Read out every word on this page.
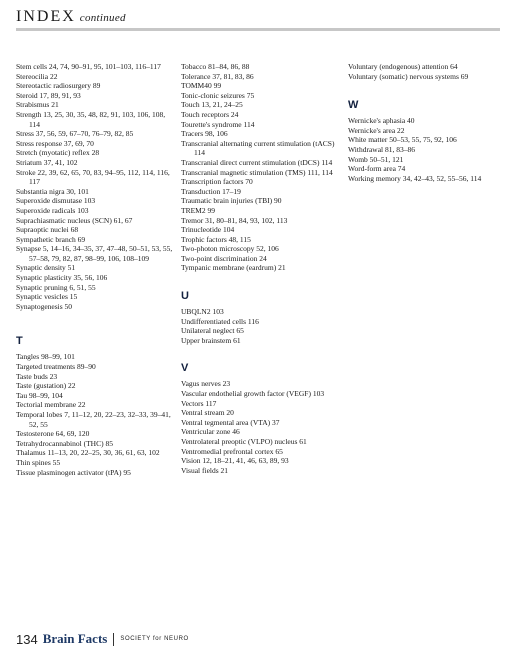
INDEX continued
Stem cells 24, 74, 90–91, 95, 101–103, 116–117
Stereocilia 22
Stereotactic radiosurgery 89
Steroid 17, 89, 91, 93
Strabismus 21
Strength 13, 25, 30, 35, 48, 82, 91, 103, 106, 108, 114
Stress 37, 56, 59, 67–70, 76–79, 82, 85
Stress response 37, 69, 70
Stretch (myotatic) reflex 28
Striatum 37, 41, 102
Stroke 22, 39, 62, 65, 70, 83, 94–95, 112, 114, 116, 117
Substantia nigra 30, 101
Superoxide dismutase 103
Superoxide radicals 103
Suprachiasmatic nucleus (SCN) 61, 67
Supraoptic nuclei 68
Sympathetic branch 69
Synapse 5, 14–16, 34–35, 37, 47–48, 50–51, 53, 55, 57–58, 79, 82, 87, 98–99, 106, 108–109
Synaptic density 51
Synaptic plasticity 35, 56, 106
Synaptic pruning 6, 51, 55
Synaptic vesicles 15
Synaptogenesis 50
T
Tangles 98–99, 101
Targeted treatments 89–90
Taste buds 23
Taste (gustation) 22
Tau 98–99, 104
Tectorial membrane 22
Temporal lobes 7, 11–12, 20, 22–23, 32–33, 39–41, 52, 55
Testosterone 64, 69, 120
Tetrahydrocannabinol (THC) 85
Thalamus 11–13, 20, 22–25, 30, 36, 61, 63, 102
Thin spines 55
Tissue plasminogen activator (tPA) 95
Tobacco 81–84, 86, 88
Tolerance 37, 81, 83, 86
TOMM40 99
Tonic-clonic seizures 75
Touch 13, 21, 24–25
Touch receptors 24
Tourette's syndrome 114
Tracers 98, 106
Transcranial alternating current stimulation (tACS) 114
Transcranial direct current stimulation (tDCS) 114
Transcranial magnetic stimulation (TMS) 111, 114
Transcription factors 70
Transduction 17–19
Traumatic brain injuries (TBI) 90
TREM2 99
Tremor 31, 80–81, 84, 93, 102, 113
Trinucleotide 104
Trophic factors 48, 115
Two-photon microscopy 52, 106
Two-point discrimination 24
Tympanic membrane (eardrum) 21
U
UBQLN2 103
Undifferentiated cells 116
Unilateral neglect 65
Upper brainstem 61
V
Vagus nerves 23
Vascular endothelial growth factor (VEGF) 103
Vectors 117
Ventral stream 20
Ventral tegmental area (VTA) 37
Ventricular zone 46
Ventrolateral preoptic (VLPO) nucleus 61
Ventromedial prefrontal cortex 65
Vision 12, 18–21, 41, 46, 63, 89, 93
Visual fields 21
Voluntary (endogenous) attention 64
Voluntary (somatic) nervous systems 69
W
Wernicke's aphasia 40
Wernicke's area 22
White matter 50–53, 55, 75, 92, 106
Withdrawal 81, 83–86
Womb 50–51, 121
Word-form area 74
Working memory 34, 42–43, 52, 55–56, 114
134 Brain Facts SOCIETY for NEURO
